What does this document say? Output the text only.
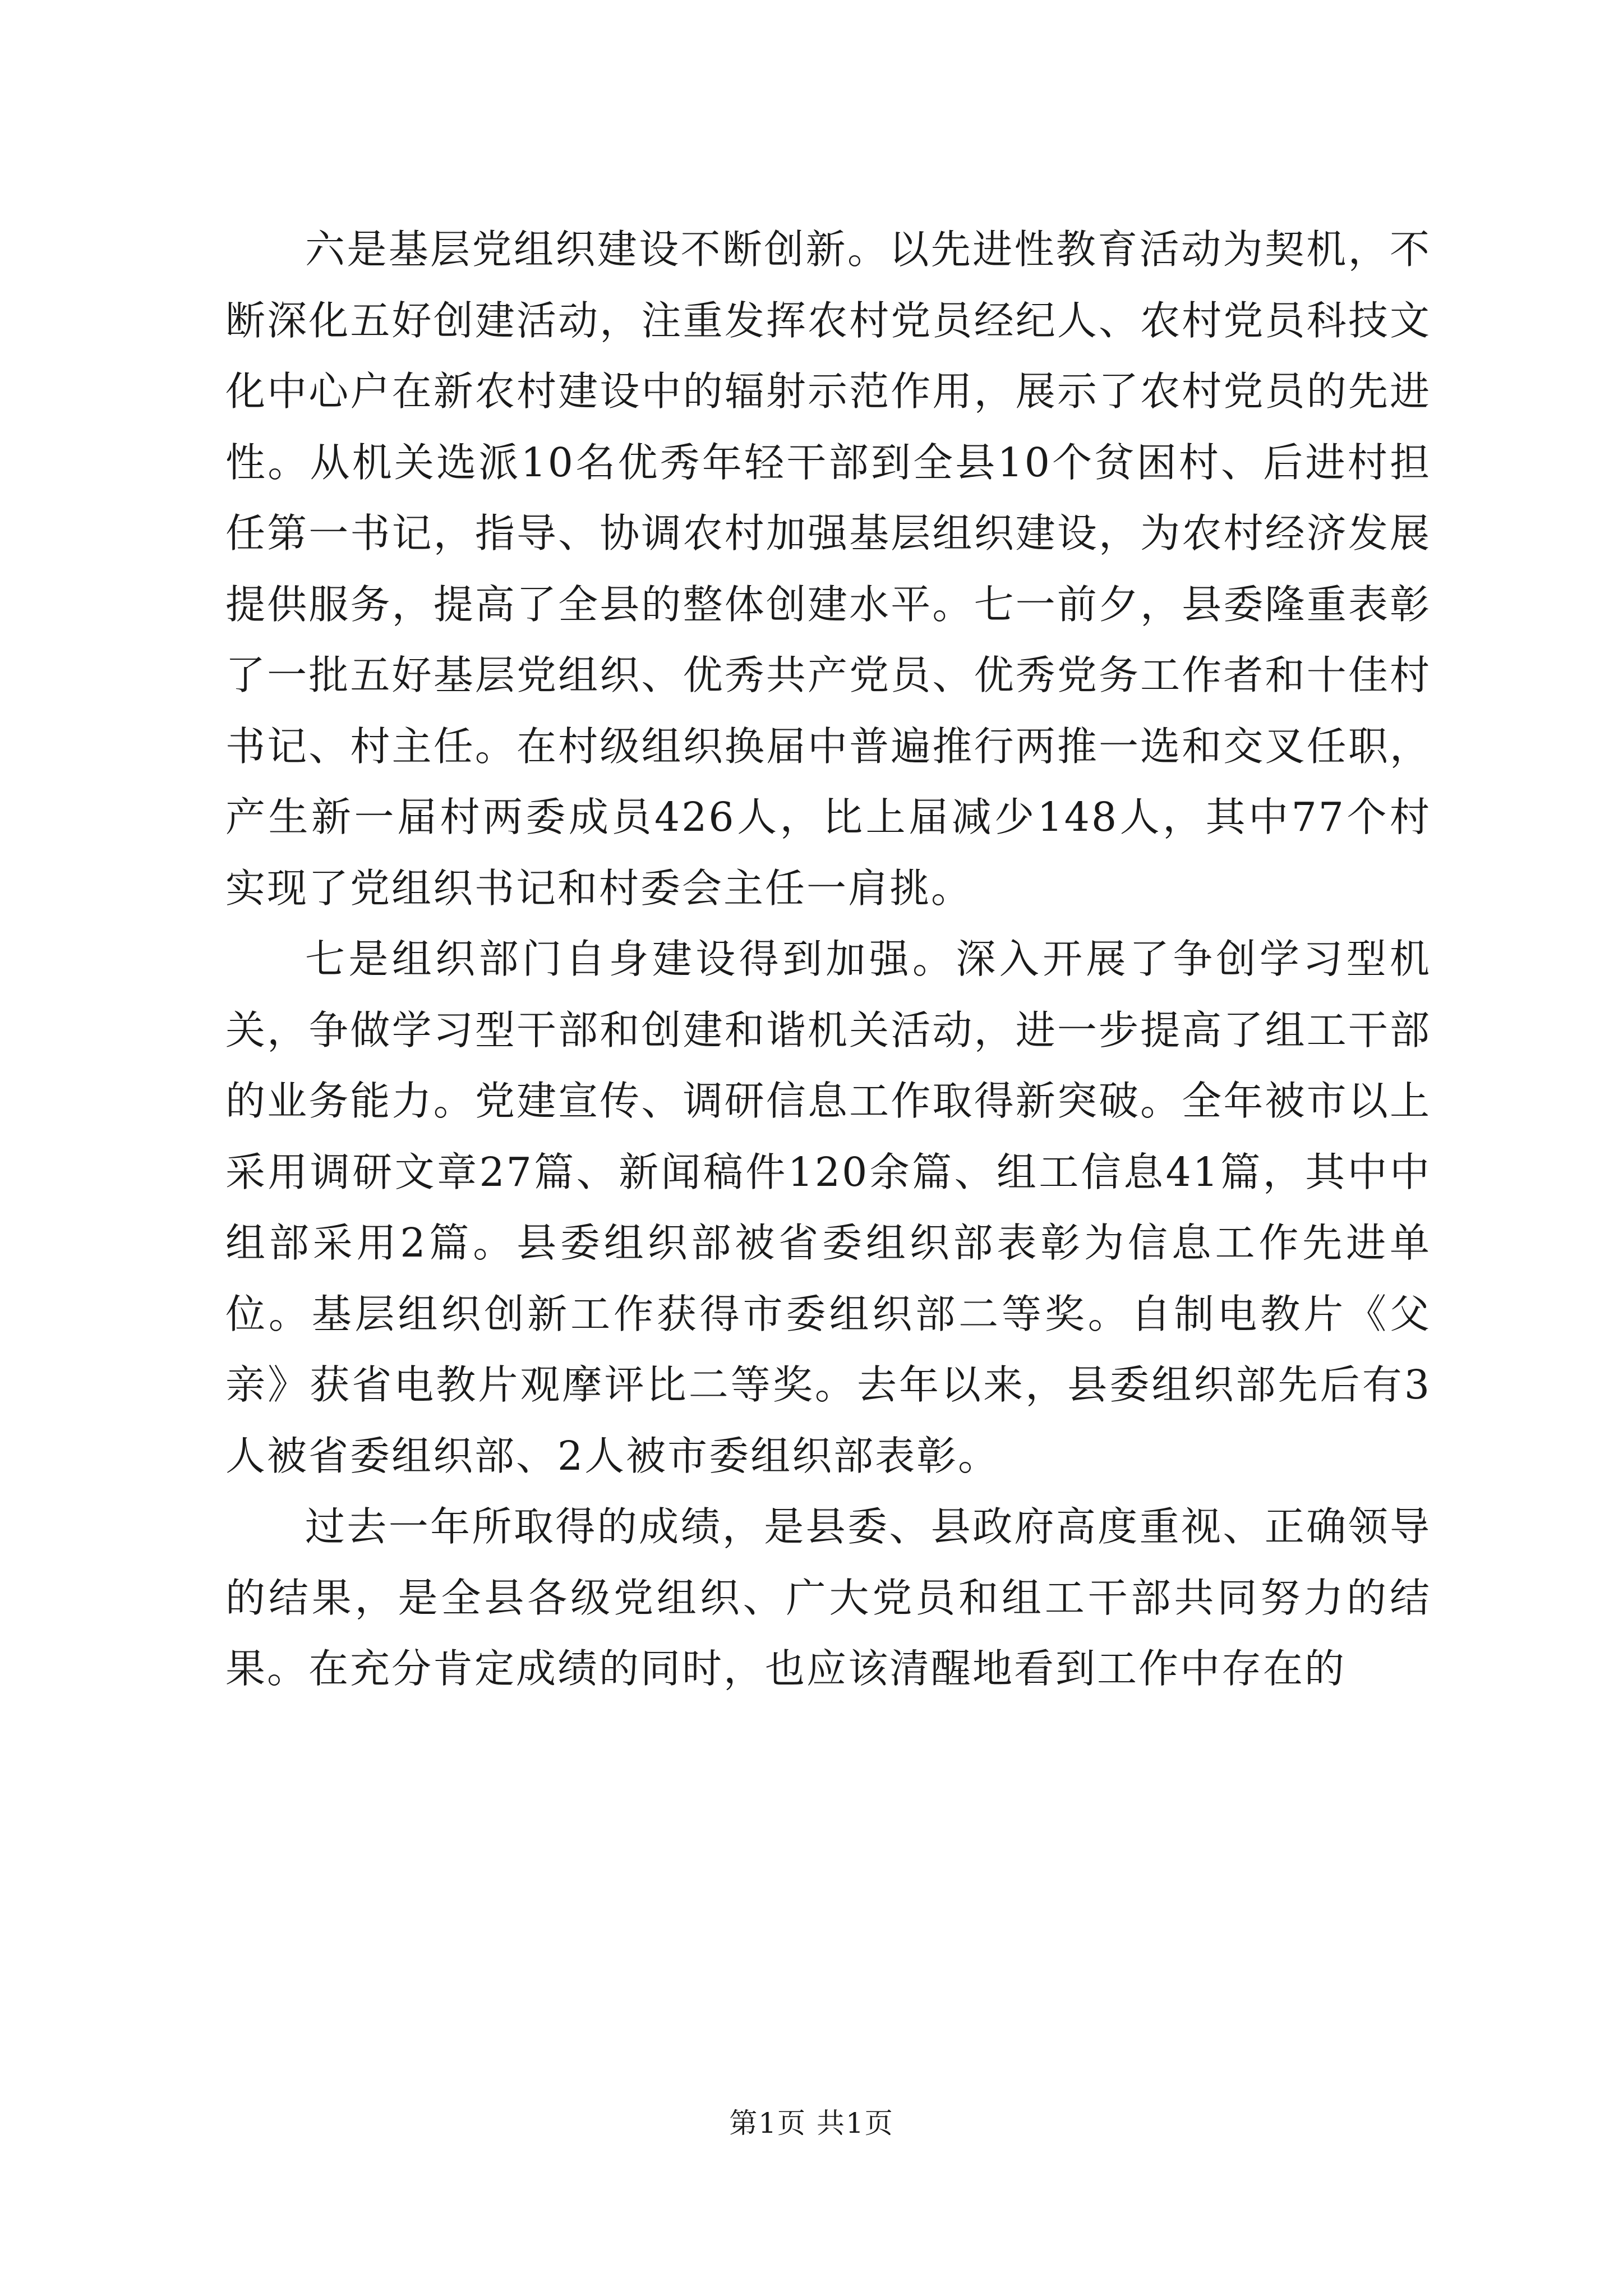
六是基层党组织建设不断创新。以先进性教育活动为契机，不断深化五好创建活动，注重发挥农村党员经纪人、农村党员科技文化中心户在新农村建设中的辐射示范作用，展示了农村党员的先进性。从机关选派10名优秀年轻干部到全县10个贫困村、后进村担任第一书记，指导、协调农村加强基层组织建设，为农村经济发展提供服务，提高了全县的整体创建水平。七一前夕，县委隆重表彰了一批五好基层党组织、优秀共产党员、优秀党务工作者和十佳村书记、村主任。在村级组织换届中普遍推行两推一选和交叉任职，产生新一届村两委成员426人，比上届减少148人，其中77个村实现了党组织书记和村委会主任一肩挑。

七是组织部门自身建设得到加强。深入开展了争创学习型机关，争做学习型干部和创建和谐机关活动，进一步提高了组工干部的业务能力。党建宣传、调研信息工作取得新突破。全年被市以上采用调研文章27篇、新闻稿件120余篇、组工信息41篇，其中中组部采用2篇。县委组织部被省委组织部表彰为信息工作先进单位。基层组织创新工作获得市委组织部二等奖。自制电教片《父亲》获省电教片观摩评比二等奖。去年以来，县委组织部先后有3人被省委组织部、2人被市委组织部表彰。

过去一年所取得的成绩，是县委、县政府高度重视、正确领导的结果，是全县各级党组织、广大党员和组工干部共同努力的结果。在充分肯定成绩的同时，也应该清醒地看到工作中存在的

第1页 共1页
